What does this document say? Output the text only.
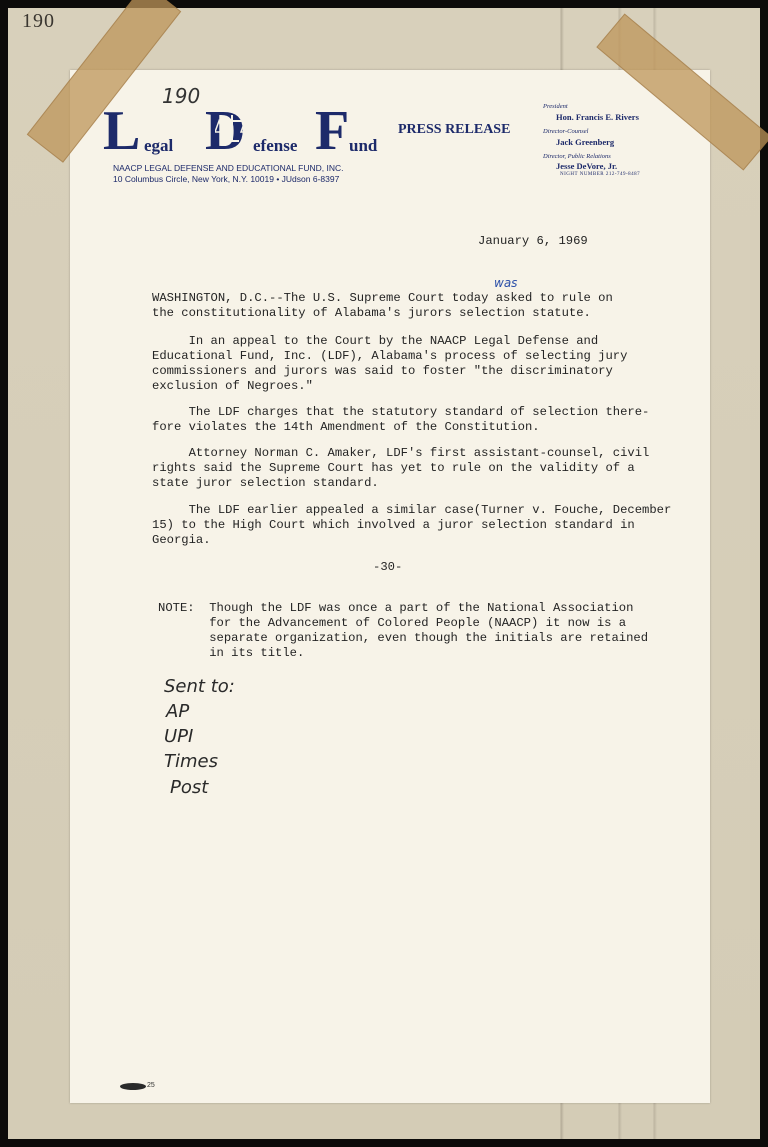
190
190
L egal D efense F und
NAACP LEGAL DEFENSE AND EDUCATIONAL FUND, INC.
10 Columbus Circle, New York, N.Y. 10019 • JUdson 6-8397
PRESS RELEASE
President
Hon. Francis E. Rivers
Director-Counsel
Jack Greenberg
Director, Public Relations
Jesse DeVore, Jr.
NIGHT NUMBER 212-749-8487
January 6, 1969
was
WASHINGTON, D.C.--The U.S. Supreme Court today asked to rule on
the constitutionality of Alabama's jurors selection statute.
In an appeal to the Court by the NAACP Legal Defense and
Educational Fund, Inc. (LDF), Alabama's process of selecting jury
commissioners and jurors was said to foster "the discriminatory
exclusion of Negroes."
The LDF charges that the statutory standard of selection there-
fore violates the 14th Amendment of the Constitution.
Attorney Norman C. Amaker, LDF's first assistant-counsel, civil
rights said the Supreme Court has yet to rule on the validity of a
state juror selection standard.
The LDF earlier appealed a similar case(Turner v. Fouche, December
15) to the High Court which involved a juror selection standard in
Georgia.
-30-
NOTE:  Though the LDF was once a part of the National Association
for the Advancement of Colored People (NAACP) it now is a
separate organization, even though the initials are retained
in its title.
Sent to:
AP
UPI
Times
Post
25
